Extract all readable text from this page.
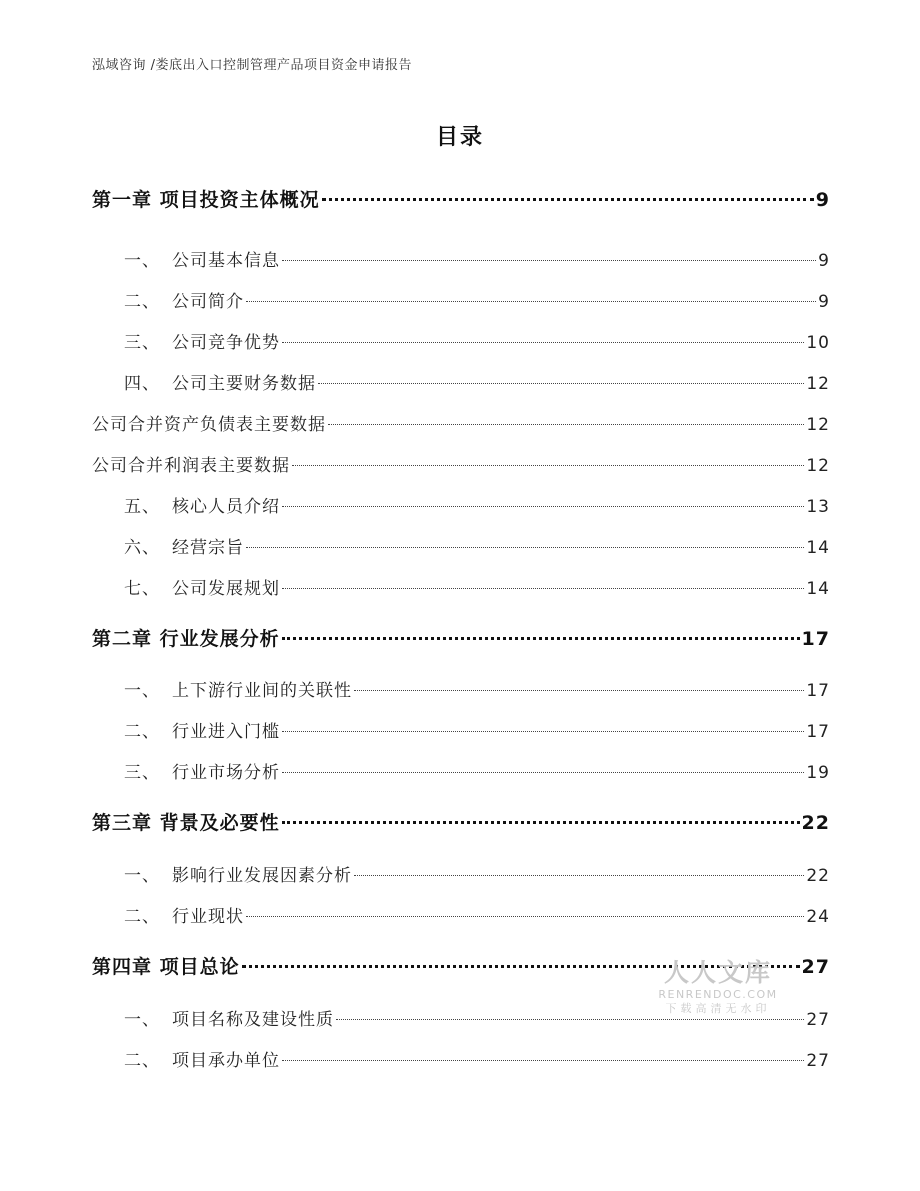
泓域咨询 /娄底出入口控制管理产品项目资金申请报告
目录
第一章 项目投资主体概况	9
一、 公司基本信息	9
二、 公司简介	9
三、 公司竞争优势	10
四、 公司主要财务数据	12
公司合并资产负债表主要数据	12
公司合并利润表主要数据	12
五、 核心人员介绍	13
六、 经营宗旨	14
七、 公司发展规划	14
第二章 行业发展分析	17
一、 上下游行业间的关联性	17
二、 行业进入门槛	17
三、 行业市场分析	19
第三章 背景及必要性	22
一、 影响行业发展因素分析	22
二、 行业现状	24
第四章 项目总论	27
一、 项目名称及建设性质	27
二、 项目承办单位	27
人人文库
RENRENDOC.COM
下载高清无水印
